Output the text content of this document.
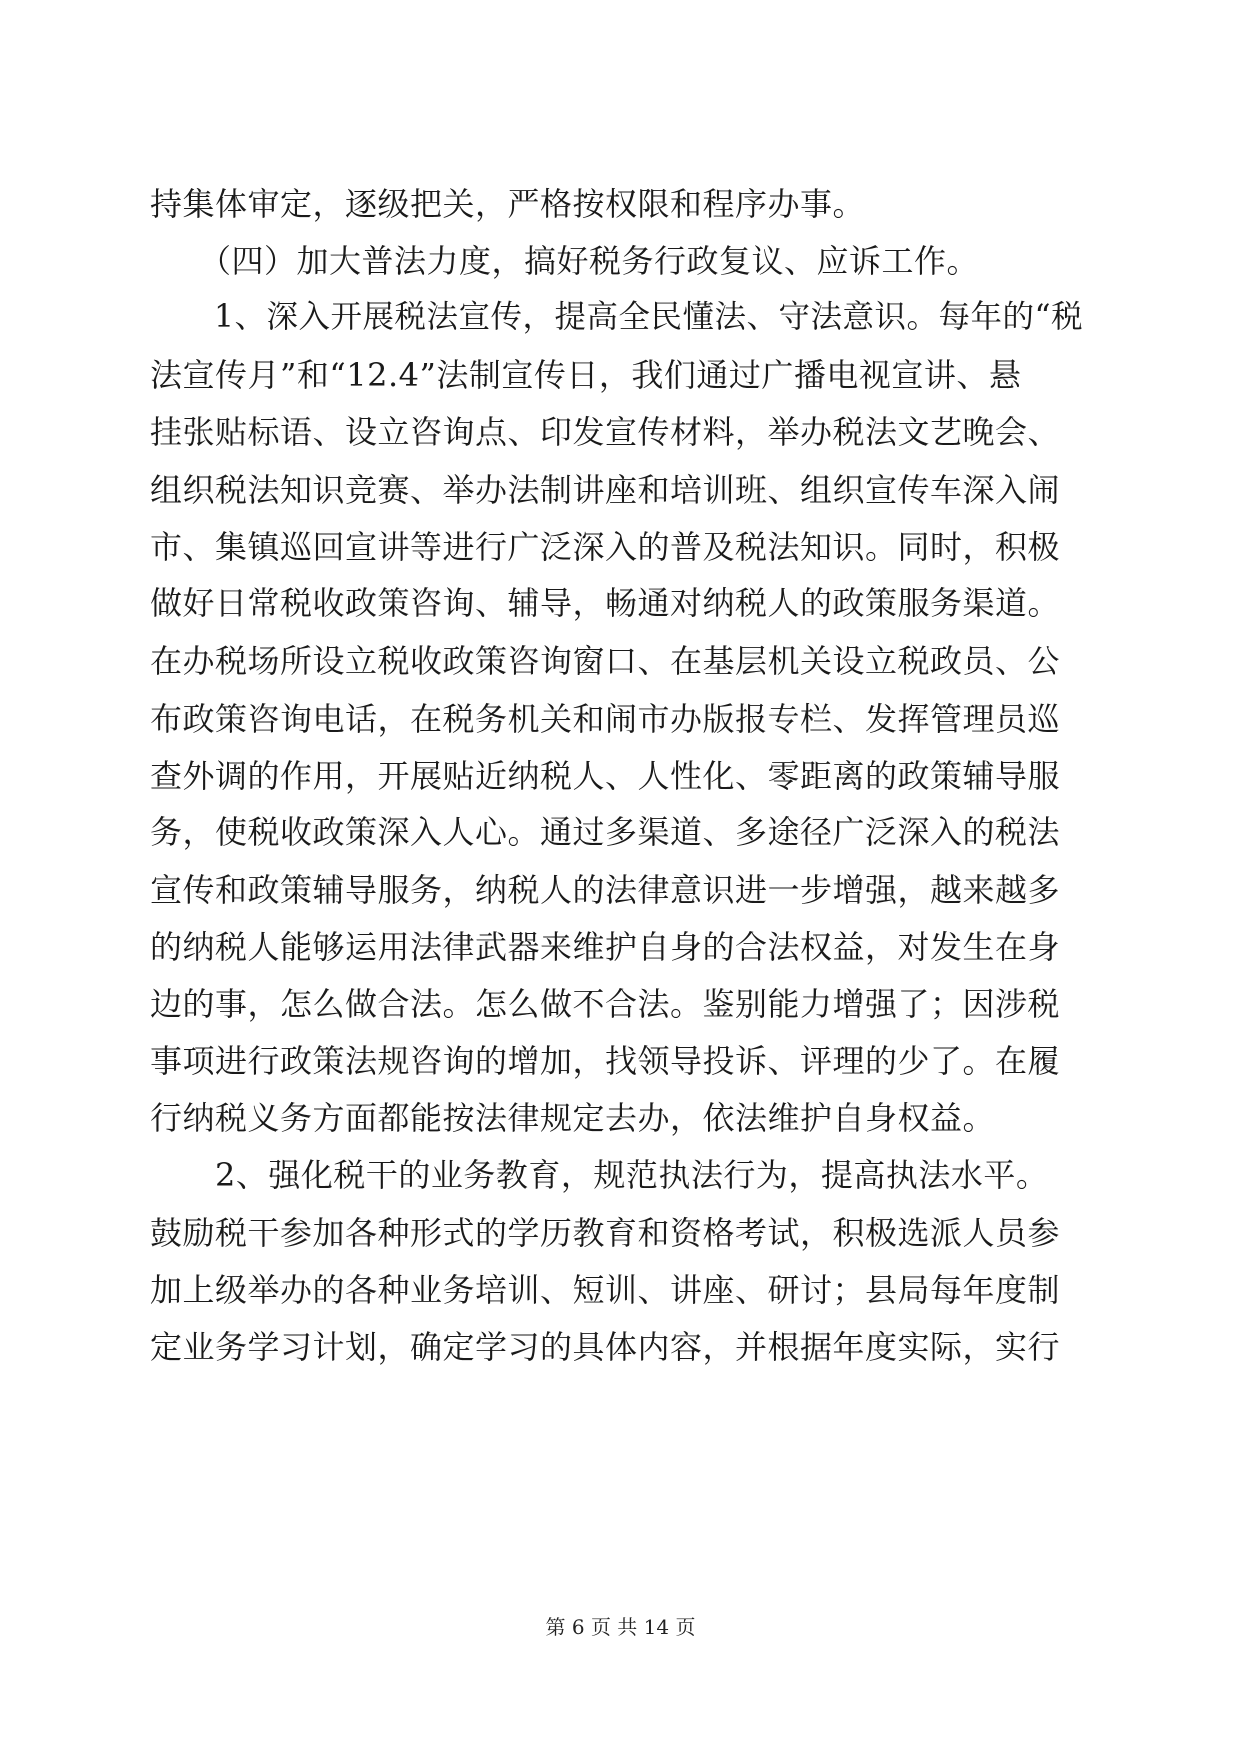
持集体审定，逐级把关，严格按权限和程序办事。
　　（四）加大普法力度，搞好税务行政复议、应诉工作。
　　1、深入开展税法宣传，提高全民懂法、守法意识。每年的“税
法宣传月”和“12.4”法制宣传日，我们通过广播电视宣讲、悬
挂张贴标语、设立咨询点、印发宣传材料，举办税法文艺晚会、
组织税法知识竞赛、举办法制讲座和培训班、组织宣传车深入闹
市、集镇巡回宣讲等进行广泛深入的普及税法知识。同时，积极
做好日常税收政策咨询、辅导，畅通对纳税人的政策服务渠道。
在办税场所设立税收政策咨询窗口、在基层机关设立税政员、公
布政策咨询电话，在税务机关和闹市办版报专栏、发挥管理员巡
查外调的作用，开展贴近纳税人、人性化、零距离的政策辅导服
务，使税收政策深入人心。通过多渠道、多途径广泛深入的税法
宣传和政策辅导服务，纳税人的法律意识进一步增强，越来越多
的纳税人能够运用法律武器来维护自身的合法权益，对发生在身
边的事，怎么做合法。怎么做不合法。鉴别能力增强了；因涉税
事项进行政策法规咨询的增加，找领导投诉、评理的少了。在履
行纳税义务方面都能按法律规定去办，依法维护自身权益。
　　2、强化税干的业务教育，规范执法行为，提高执法水平。
鼓励税干参加各种形式的学历教育和资格考试，积极选派人员参
加上级举办的各种业务培训、短训、讲座、研讨；县局每年度制
定业务学习计划，确定学习的具体内容，并根据年度实际，实行
第 6 页 共 14 页
